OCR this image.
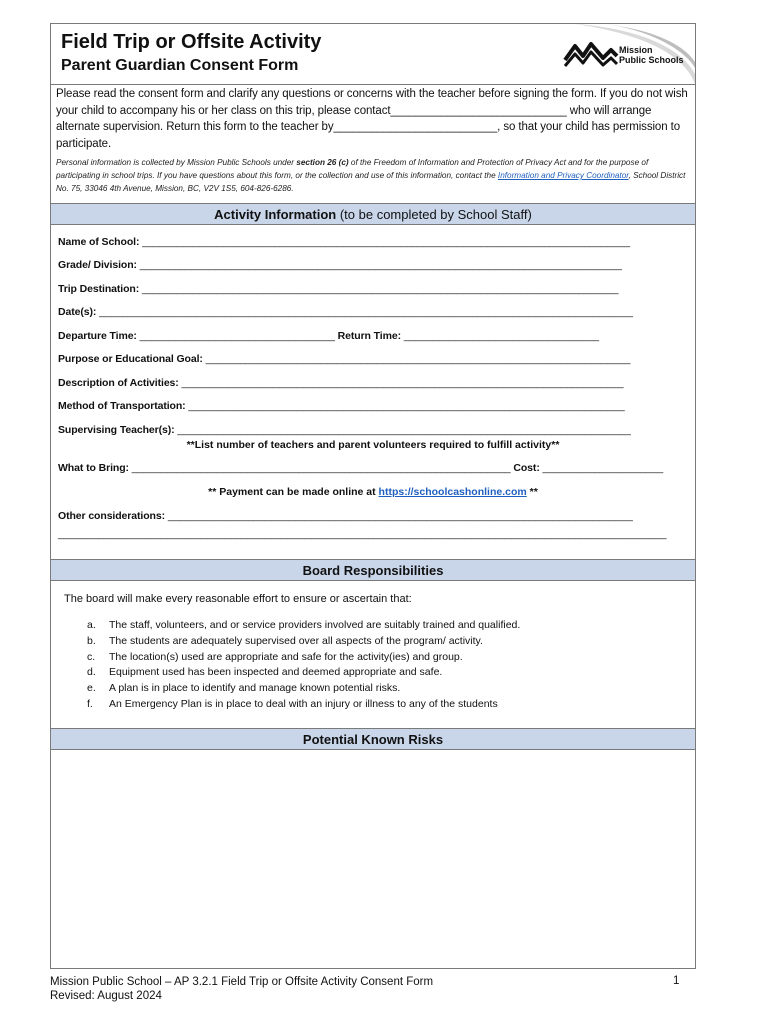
Field Trip or Offsite Activity
Parent Guardian Consent Form
Mission
Public Schools
Please read the consent form and clarify any questions or concerns with the teacher before signing the form. If you do not wish your child to accompany his or her class on this trip, please contact____________________________ who will arrange alternate supervision. Return this form to the teacher by__________________________, so that your child has permission to participate.
Personal information is collected by Mission Public Schools under section 26 (c) of the Freedom of Information and Protection of Privacy Act and for the purpose of participating in school trips. If you have questions about this form, or the collection and use of this information, contact the Information and Privacy Coordinator, School District No. 75, 33046 4th Avenue, Mission, BC, V2V 1S5, 604-826-6286.
Activity Information (to be completed by School Staff)
Name of School: _____________________________________________________________________________________
Grade/ Division: ____________________________________________________________________________________
Trip Destination: ___________________________________________________________________________________
Date(s): _____________________________________________________________________________________________
Departure Time: __________________________________ Return Time: __________________________________
Purpose or Educational Goal: __________________________________________________________________________
Description of Activities: _____________________________________________________________________________
Method of Transportation: ____________________________________________________________________________
Supervising Teacher(s): _______________________________________________________________________________
**List number of teachers and parent volunteers required to fulfill activity**
What to Bring: __________________________________________________________________ Cost: _____________________
** Payment can be made online at https://schoolcashonline.com **
Other considerations: _________________________________________________________________________________
__________________________________________________________________________________________________________
Board Responsibilities
The board will make every reasonable effort to ensure or ascertain that:
a. The staff, volunteers, and or service providers involved are suitably trained and qualified.
b. The students are adequately supervised over all aspects of the program/ activity.
c. The location(s) used are appropriate and safe for the activity(ies) and group.
d. Equipment used has been inspected and deemed appropriate and safe.
e. A plan is in place to identify and manage known potential risks.
f. An Emergency Plan is in place to deal with an injury or illness to any of the students
Potential Known Risks
Mission Public School – AP 3.2.1 Field Trip or Offsite Activity Consent Form
Revised: August 2024
1
